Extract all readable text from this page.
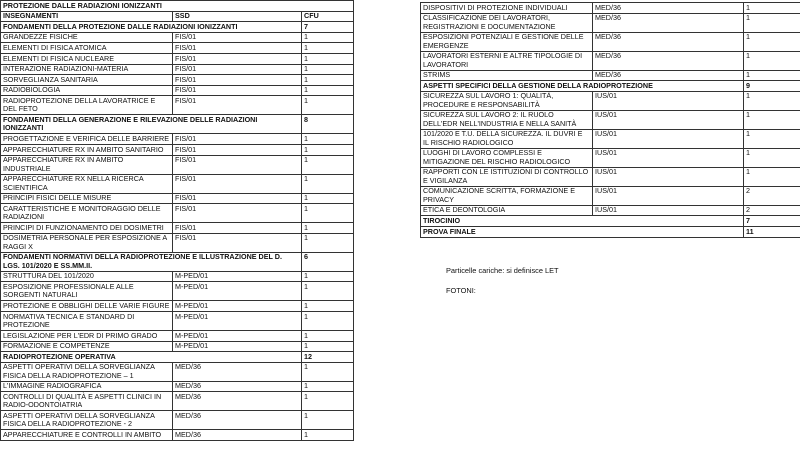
PROTEZIONE DALLE RADIAZIONI IONIZZANTI		
INSEGNAMENTI	SSD	CFU
FONDAMENTI DELLA PROTEZIONE DALLE RADIAZIONI IONIZZANTI		7
GRANDEZZE FISICHE	FIS/01	1
ELEMENTI DI FISICA ATOMICA	FIS/01	1
ELEMENTI DI FISICA NUCLEARE	FIS/01	1
INTERAZIONE RADIAZIONI-MATERIA	FIS/01	1
SORVEGLIANZA SANITARIA	FIS/01	1
RADIOBIOLOGIA	FIS/01	1
RADIOPROTEZIONE DELLA LAVORATRICE E DEL FETO	FIS/01	1
FONDAMENTI DELLA GENERAZIONE E RILEVAZIONE DELLE RADIAZIONI IONIZZANTI		8
PROGETTAZIONE E VERIFICA DELLE BARRIERE	FIS/01	1
APPARECCHIATURE RX IN AMBITO SANITARIO	FIS/01	1
APPARECCHIATURE RX IN AMBITO INDUSTRIALE	FIS/01	1
APPARECCHIATURE RX NELLA RICERCA SCIENTIFICA	FIS/01	1
PRINCIPI FISICI DELLE MISURE	FIS/01	1
CARATTERISTICHE E MONITORAGGIO DELLE RADIAZIONI	FIS/01	1
PRINCIPI DI FUNZIONAMENTO DEI DOSIMETRI	FIS/01	1
DOSIMETRIA PERSONALE PER ESPOSIZIONE A RAGGI X	FIS/01	1
FONDAMENTI NORMATIVI DELLA RADIOPROTEZIONE E ILLUSTRAZIONE DEL D. LGS. 101/2020 E SS.MM.II.		6
STRUTTURA DEL 101/2020	M-PED/01	1
ESPOSIZIONE PROFESSIONALE ALLE SORGENTI NATURALI	M-PED/01	1
PROTEZIONE E OBBLIGHI DELLE VARIE FIGURE	M-PED/01	1
NORMATIVA TECNICA E STANDARD DI PROTEZIONE	M-PED/01	1
LEGISLAZIONE PER L'EDR DI PRIMO GRADO	M-PED/01	1
FORMAZIONE E COMPETENZE	M-PED/01	1
RADIOPROTEZIONE OPERATIVA		12
ASPETTI OPERATIVI DELLA SORVEGLIANZA FISICA DELLA RADIOPROTEZIONE – 1	MED/36	1
L'IMMAGINE RADIOGRAFICA	MED/36	1
CONTROLLI DI QUALITÀ E ASPETTI CLINICI IN RADIO-ODONTOIATRIA	MED/36	1
ASPETTI OPERATIVI DELLA SORVEGLIANZA FISICA DELLA RADIOPROTEZIONE - 2	MED/36	1
APPARECCHIATURE E CONTROLLI IN AMBITO	MED/36	1
DISPOSITIVI DI PROTEZIONE INDIVIDUALI	MED/36	1
CLASSIFICAZIONE DEI LAVORATORI, REGISTRAZIONI E DOCUMENTAZIONE	MED/36	1
ESPOSIZIONI POTENZIALI E GESTIONE DELLE EMERGENZE	MED/36	1
LAVORATORI ESTERNI E ALTRE TIPOLOGIE DI LAVORATORI	MED/36	1
STRIMS	MED/36	1
ASPETTI SPECIFICI DELLA GESTIONE DELLA RADIOPROTEZIONE		9
SICUREZZA SUL LAVORO 1: QUALITÀ, PROCEDURE E RESPONSABILITÀ	IUS/01	1
SICUREZZA SUL LAVORO 2: IL RUOLO DELL'EDR NELL'INDUSTRIA E NELLA SANITÀ	IUS/01	1
101/2020 E T.U. DELLA SICUREZZA. IL DUVRI E IL RISCHIO RADIOLOGICO	IUS/01	1
LUOGHI DI LAVORO COMPLESSI E MITIGAZIONE DEL RISCHIO RADIOLOGICO	IUS/01	1
RAPPORTI CON LE ISTITUZIONI DI CONTROLLO E VIGILANZA	IUS/01	1
COMUNICAZIONE SCRITTA, FORMAZIONE E PRIVACY	IUS/01	2
ETICA E DEONTOLOGIA	IUS/01	2
TIROCINIO		7
PROVA FINALE		11
Particelle cariche: si definisce LET
FOTONI:
